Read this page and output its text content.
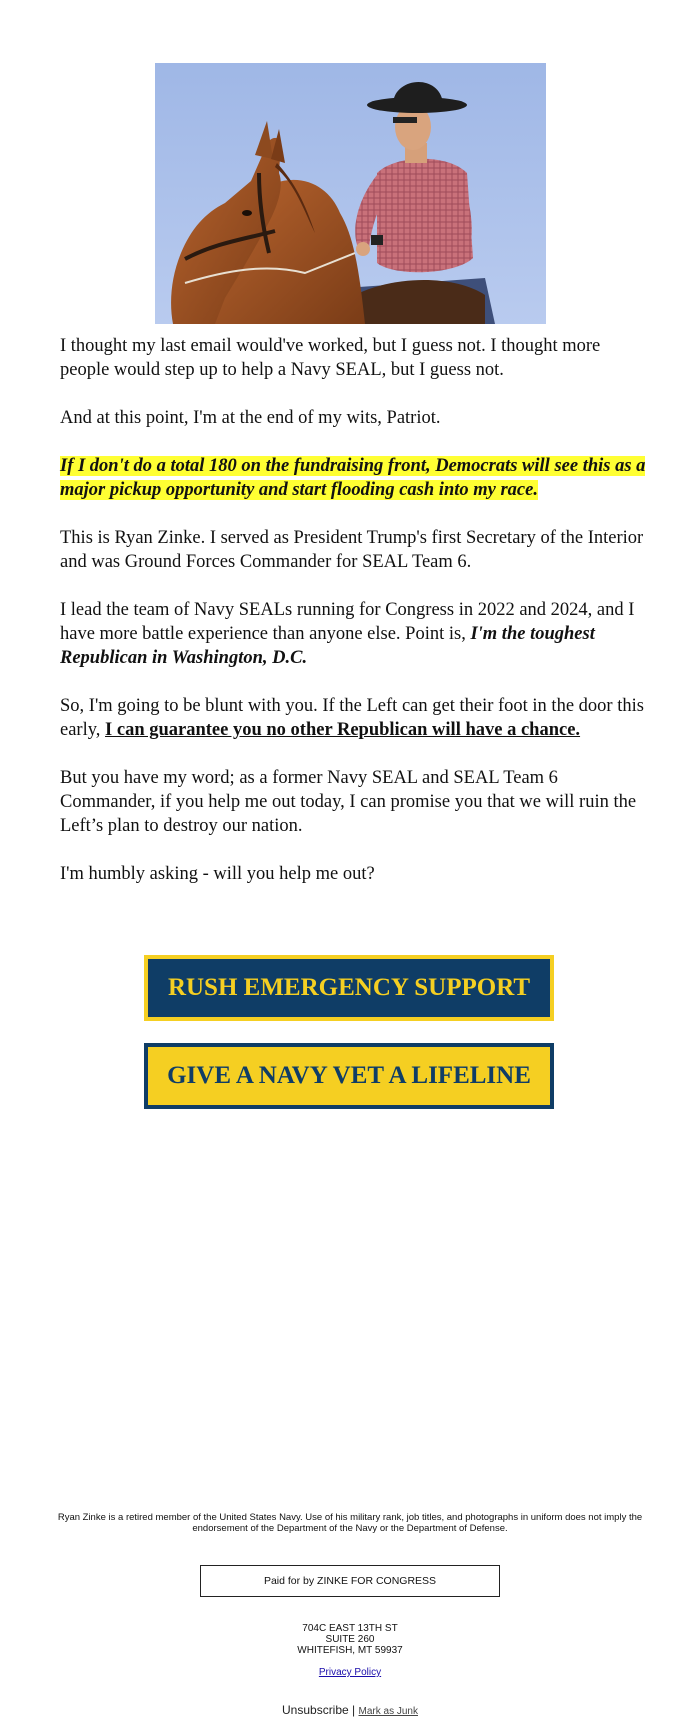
I thought my last email would've worked, but I guess not. I thought more people would step up to help a Navy SEAL, but I guess not.

And at this point, I'm at the end of my wits, Patriot.

If I don't do a total 180 on the fundraising front, Democrats will see this as a major pickup opportunity and start flooding cash into my race.

This is Ryan Zinke. I served as President Trump's first Secretary of the Interior and was Ground Forces Commander for SEAL Team 6.

I lead the team of Navy SEALs running for Congress in 2022 and 2024, and I have more battle experience than anyone else. Point is, I'm the toughest Republican in Washington, D.C.

So, I'm going to be blunt with you. If the Left can get their foot in the door this early, I can guarantee you no other Republican will have a chance.

But you have my word; as a former Navy SEAL and SEAL Team 6 Commander, if you help me out today, I can promise you that we will ruin the Left’s plan to destroy our nation.

I'm humbly asking - will you help me out?

RUSH EMERGENCY SUPPORT
GIVE A NAVY VET A LIFELINE
Ryan Zinke is a retired member of the United States Navy. Use of his military rank, job titles, and photographs in uniform does not imply the endorsement of the Department of the Navy or the Department of Defense.
Paid for by ZINKE FOR CONGRESS
704C EAST 13TH ST
SUITE 260
WHITEFISH, MT 59937
Privacy Policy
Unsubscribe | Mark as Junk
